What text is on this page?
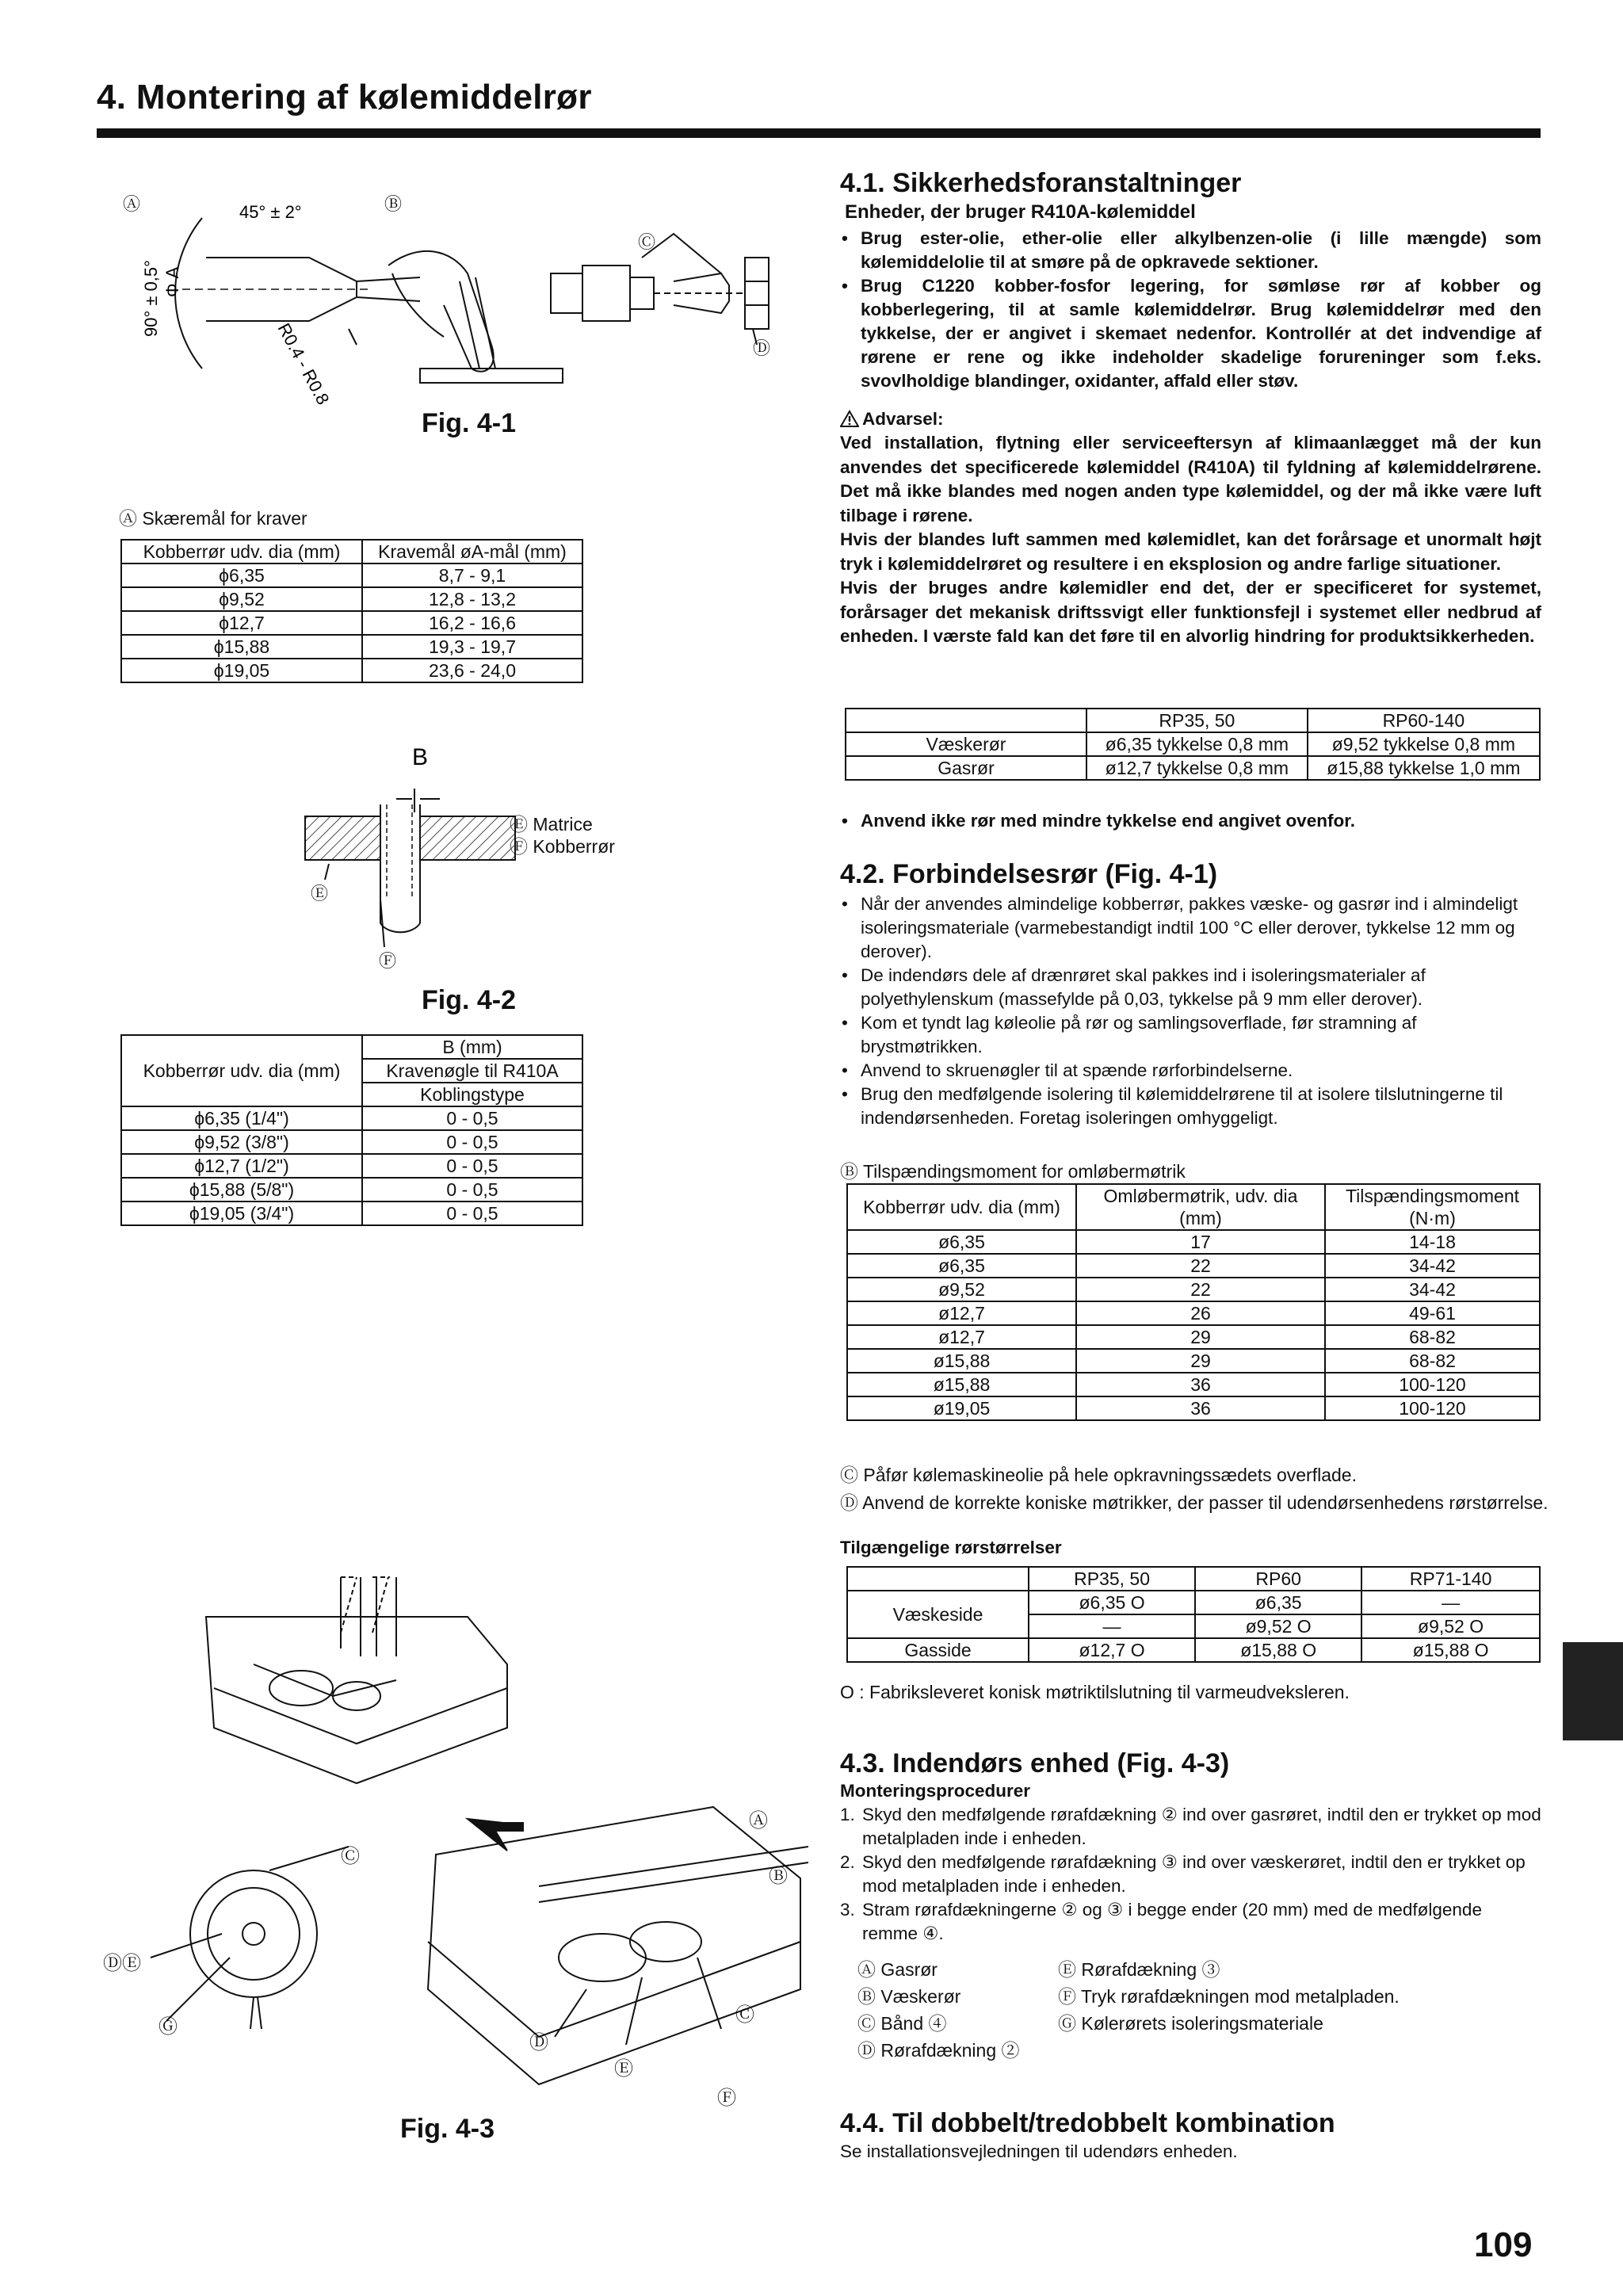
4. Montering af kølemiddelrør
90° ± 0,5°
45° ± 2°
Φ A
R0.4 - R0.8
Ⓐ	Ⓑ
Ⓒ
Ⓓ
Fig. 4-1
Ⓐ Skæremål for kraver
Kobberrør udv. dia (mm)	Kravemål øA-mål (mm)
ϕ6,35	8,7 - 9,1
ϕ9,52	12,8 - 13,2
ϕ12,7	16,2 - 16,6
ϕ15,88	19,3 - 19,7
ϕ19,05	23,6 - 24,0
B
Ⓔ
Ⓕ
Ⓔ Matrice
Ⓕ Kobberrør
Fig. 4-2
Kobberrør udv. dia (mm)	B (mm)
	Kravenøgle til R410A
	Koblingstype
ϕ6,35 (1/4")	0 - 0,5
ϕ9,52 (3/8")	0 - 0,5
ϕ12,7 (1/2")	0 - 0,5
ϕ15,88 (5/8")	0 - 0,5
ϕ19,05 (3/4")	0 - 0,5
Ⓒ
ⒹⒺ
Ⓖ
Ⓐ
Ⓑ
Ⓒ
Ⓓ
Ⓔ
Ⓕ
Fig. 4-3
4.1. Sikkerhedsforanstaltninger
Enheder, der bruger R410A-kølemiddel
• Brug ester-olie, ether-olie eller alkylbenzen-olie (i lille mængde) som kølemiddelolie til at smøre på de opkravede sektioner.
• Brug C1220 kobber-fosfor legering, for sømløse rør af kobber og kobberlegering, til at samle kølemiddelrør. Brug kølemiddelrør med den tykkelse, der er angivet i skemaet nedenfor. Kontrollér at det indvendige af rørene er rene og ikke indeholder skadelige forureninger som f.eks. svovlholdige blandinger, oxidanter, affald eller støv.
Advarsel:
Ved installation, flytning eller serviceeftersyn af klimaanlægget må der kun anvendes det specificerede kølemiddel (R410A) til fyldning af kølemiddelrørene. Det må ikke blandes med nogen anden type kølemiddel, og der må ikke være luft tilbage i rørene.
Hvis der blandes luft sammen med kølemidlet, kan det forårsage et unormalt højt tryk i kølemiddelrøret og resultere i en eksplosion og andre farlige situationer.
Hvis der bruges andre kølemidler end det, der er specificeret for systemet, forårsager det mekanisk driftssvigt eller funktionsfejl i systemet eller nedbrud af enheden. I værste fald kan det føre til en alvorlig hindring for produktsikkerheden.
	RP35, 50	RP60-140
Væskerør	ø6,35 tykkelse 0,8 mm	ø9,52 tykkelse 0,8 mm
Gasrør	ø12,7 tykkelse 0,8 mm	ø15,88 tykkelse 1,0 mm
• Anvend ikke rør med mindre tykkelse end angivet ovenfor.
4.2. Forbindelsesrør (Fig. 4-1)
• Når der anvendes almindelige kobberrør, pakkes væske- og gasrør ind i almindeligt isoleringsmateriale (varmebestandigt indtil 100 °C eller derover, tykkelse 12 mm og derover).
• De indendørs dele af drænrøret skal pakkes ind i isoleringsmaterialer af polyethylenskum (massefylde på 0,03, tykkelse på 9 mm eller derover).
• Kom et tyndt lag køleolie på rør og samlingsoverflade, før stramning af brystmøtrikken.
• Anvend to skruenøgler til at spænde rørforbindelserne.
• Brug den medfølgende isolering til kølemiddelrørene til at isolere tilslutningerne til indendørsenheden. Foretag isoleringen omhyggeligt.
Ⓑ Tilspændingsmoment for omløbermøtrik
Kobberrør udv. dia (mm)	Omløbermøtrik, udv. dia (mm)	Tilspændingsmoment (N·m)
ø6,35	17	14-18
ø6,35	22	34-42
ø9,52	22	34-42
ø12,7	26	49-61
ø12,7	29	68-82
ø15,88	29	68-82
ø15,88	36	100-120
ø19,05	36	100-120
Ⓒ Påfør kølemaskineolie på hele opkravningssædets overflade.
Ⓓ Anvend de korrekte koniske møtrikker, der passer til udendørsenhedens rørstørrelse.
Tilgængelige rørstørrelser
	RP35, 50	RP60	RP71-140
Væskeside	ø6,35 O	ø6,35	—
	—	ø9,52 O	ø9,52 O
Gasside	ø12,7 O	ø15,88 O	ø15,88 O
O : Fabriksleveret konisk møtriktilslutning til varmeudveksleren.
4.3. Indendørs enhed (Fig. 4-3)
Monteringsprocedurer
1. Skyd den medfølgende rørafdækning ② ind over gasrøret, indtil den er trykket op mod metalpladen inde i enheden.
2. Skyd den medfølgende rørafdækning ③ ind over væskerøret, indtil den er trykket op mod metalpladen inde i enheden.
3. Stram rørafdækningerne ② og ③ i begge ender (20 mm) med de medfølgende remme ④.
Ⓐ Gasrør
Ⓑ Væskerør
Ⓒ Bånd ④
Ⓓ Rørafdækning ②
Ⓔ Rørafdækning ③
Ⓕ Tryk rørafdækningen mod metalpladen.
Ⓖ Kølerørets isoleringsmateriale
4.4. Til dobbelt/tredobbelt kombination
Se installationsvejledningen til udendørs enheden.
109
